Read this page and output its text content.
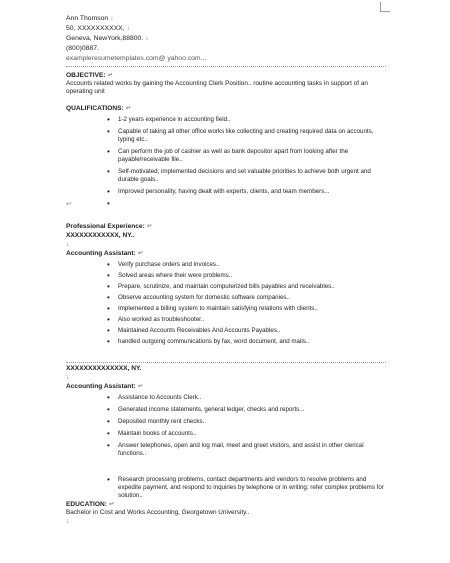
Ann Thomson ↓
50, XXXXXXXXXX, ↓
Geneva, NewYork,88800. ↓
(800)0887.
exampleresumetemplates.com@ yahoo.com...
OBJECTIVE: ↵
Accounts related works by gaining the Accounting Clerk Position.. routine accounting tasks in support of an operating unit
QUALIFICATIONS: ↵
• 1-2 years experience in accounting field..
• Capable of taking all other office works like collecting and creating required data on accounts, typing etc..
• Can perform the job of cashier as well as bank depositor apart from looking after the payable/receivable file..
• Self-motivated; implemented decisions and set valuable priorities to achieve both urgent and durable goals..
• Improved personality, having dealt with experts, clients, and team members...
•
↵
Professional Experience: ↵
XXXXXXXXXXXX, NY..
↓
Accounting Assistant: ↵
• Verify purchase orders and invoices..
• Solved areas where their were problems..
• Prepare, scrutinize, and maintain computerized bills payables and receivables..
• Observe accounting system for domestic software companies..
• Implemented a billing system to maintain satisfying relations with clients..
• Also worked as troubleshooter..
• Maintained Accounts Receivables And Accounts Payables..
• handled outgoing communications by fax, word document, and mails..
XXXXXXXXXXXXXX, NY.
↓
Accounting Assistant: ↵
• Assistance to Accounts Clerk..
• Generated income statements, general ledger, checks and reports...
• Deposited monthly rent checks..
• Maintain books of accounts..
• Answer telephones, open and log mail, meet and greet visitors, and assist in other clerical functions..
• Research processing problems, contact departments and vendors to resolve problems and expedite payment, and respond to inquiries by telephone or in writing; refer complex problems for solution..
EDUCATION: ↵
Bachelor in Cost and Works Accounting, Georgetown University..
↓
